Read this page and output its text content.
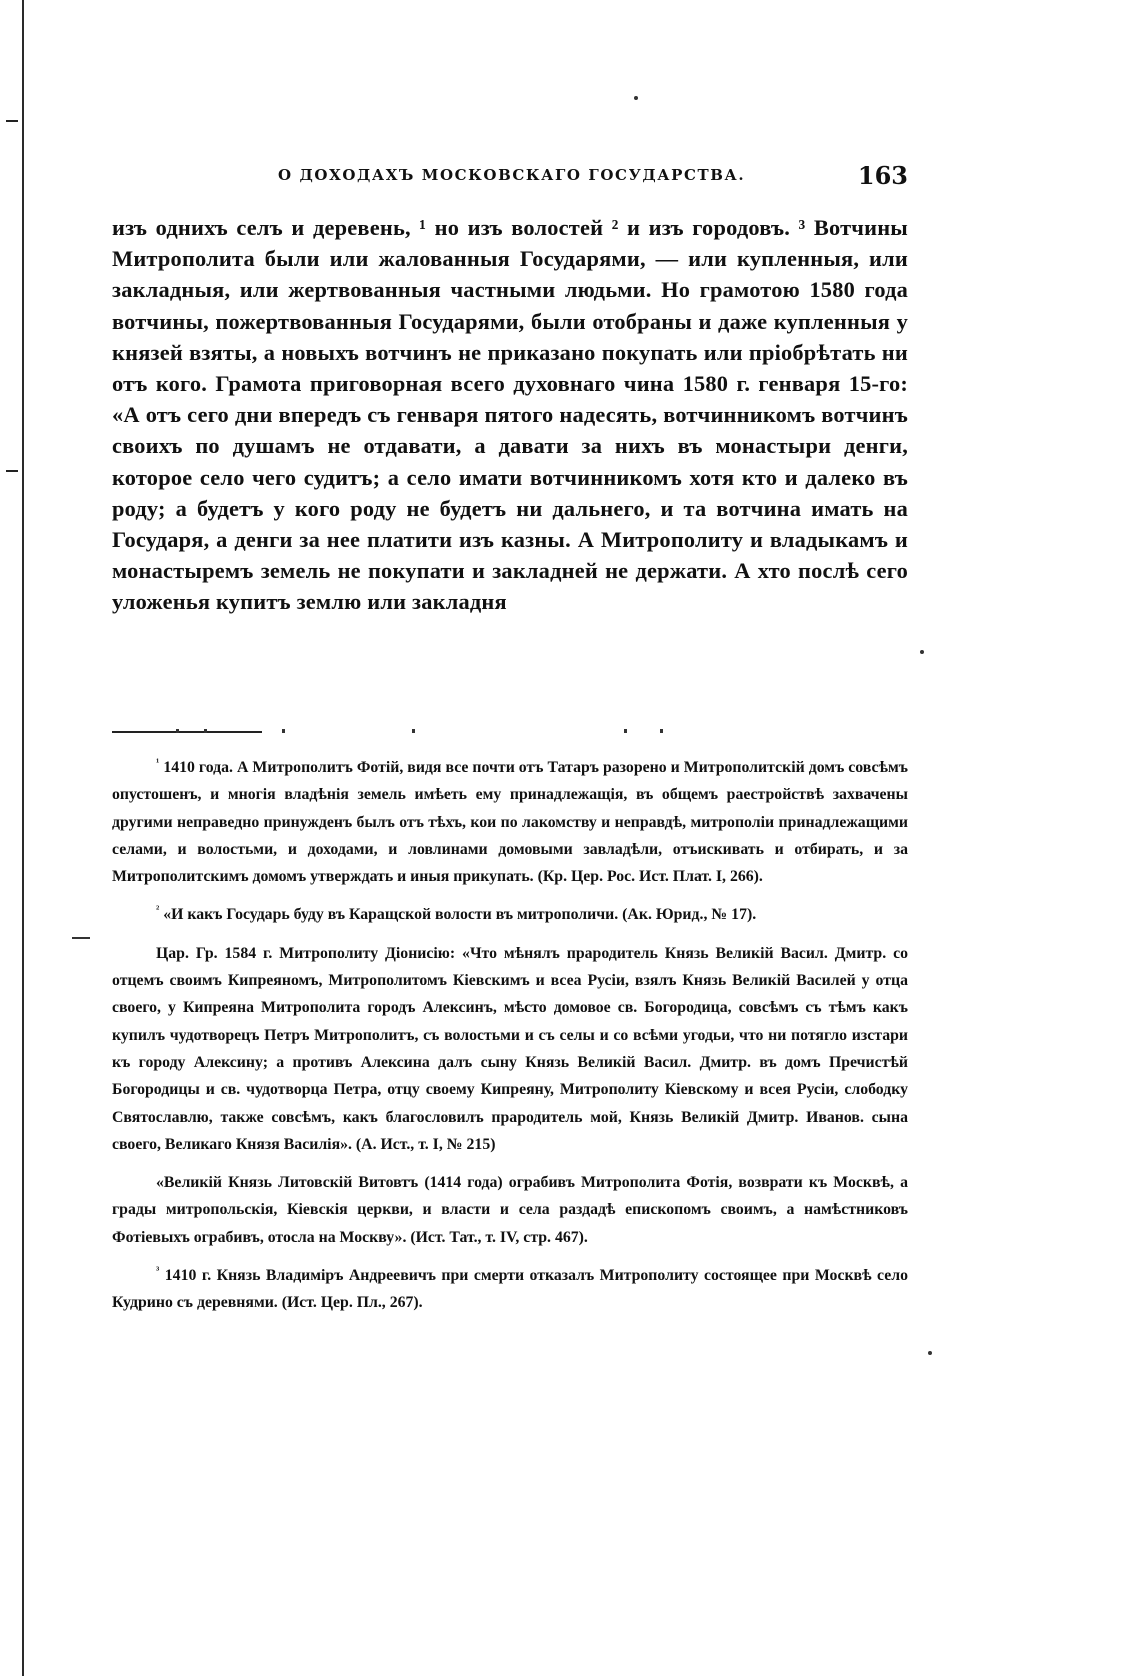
О ДОХОДАХЪ МОСКОВСКАГО ГОСУДАРСТВА.	163

изъ однихъ селъ и деревень, ¹ но изъ волостей ² и изъ городовъ. ³ Вотчины Митрополита были или жалованныя Государями, — или купленныя, или закладныя, или жертвованныя частными людьми. Но грамотою 1580 года вотчины, пожертвованныя Государями, были отобраны и даже купленныя у князей взяты, а новыхъ вотчинъ не приказано покупать или пріобрѣтать ни отъ кого. Грамота приговорная всего духовнаго чина 1580 г. генваря 15-го: «А отъ сего дни впередъ съ генваря пятого надесять, вотчинникомъ вотчинъ своихъ по душамъ не отдавати, а давати за нихъ въ монастыри денги, которое село чего судитъ; а село имати вотчинникомъ хотя кто и далеко въ роду; а будетъ у кого роду не будетъ ни дальнего, и та вотчина имать на Государя, а денги за нее платити изъ казны. А Митрополиту и владыкамъ и монастыремъ земель не покупати и закладней не держати. А хто послѣ сего уложенья купитъ землю или закладня

$^{^1}$ 1410 года. А Митрополитъ Фотій, видя все почти отъ Татаръ разорено и Митрополитскій домъ совсѣмъ опустошенъ, и многія владѣнія земель имѣеть ему принадлежащія, въ общемъ раестройствѣ захвачены другими неправедно принужденъ былъ отъ тѣхъ, кои по лакомству и неправдѣ, митрополіи принадлежащими селами, и волостьми, и доходами, и ловлинами домовыми завладѣли, отъискивать и отбирать, и за Митрополитскимъ домомъ утверждать и иныя прикупать. (Кр. Цер. Рос. Ист. Плат. I, 266).

$^{^2}$ «И какъ Государь буду въ Каращской волости въ митрополичи. (Ак. Юрид., № 17).

Цар. Гр. 1584 г. Митрополиту Діонисію: «Что мѣнялъ прародитель Князь Великій Васил. Дмитр. со отцемъ своимъ Кипреяномъ, Митрополитомъ Кіевскимъ и всеа Русіи, взялъ Князь Великій Василей у отца своего, у Кипреяна Митрополита городъ Алексинъ, мѣсто домовое св. Богородица, совсѣмъ съ тѣмъ какъ купилъ чудотворецъ Петръ Митрополитъ, съ волостьми и съ селы и со всѣми угодьи, что ни потягло изстари къ городу Алексину; а противъ Алексина далъ сыну Князь Великій Васил. Дмитр. въ домъ Пречистѣй Богородицы и св. чудотворца Петра, отцу своему Кипреяну, Митрополиту Кіевскому и всея Русіи, слободку Святославлю, также совсѣмъ, какъ благословилъ прародитель мой, Князь Великій Дмитр. Иванов. сына своего, Великаго Князя Василія». (А. Ист., т. I, № 215)

«Великій Князь Литовскій Витовтъ (1414 года) ограбивъ Митрополита Фотія, возврати къ Москвѣ, а грады митропольскія, Кіевскія церкви, и власти и села раздадѣ епископомъ своимъ, а намѣстниковъ Фотіевыхъ ограбивъ, отосла на Москву». (Ист. Тат., т. IV, стр. 467).

$^{^3}$ 1410 г. Князь Владиміръ Андреевичъ при смерти отказалъ Митрополиту состоящее при Москвѣ село Кудрино съ деревнями. (Ист. Цер. Пл., 267).
